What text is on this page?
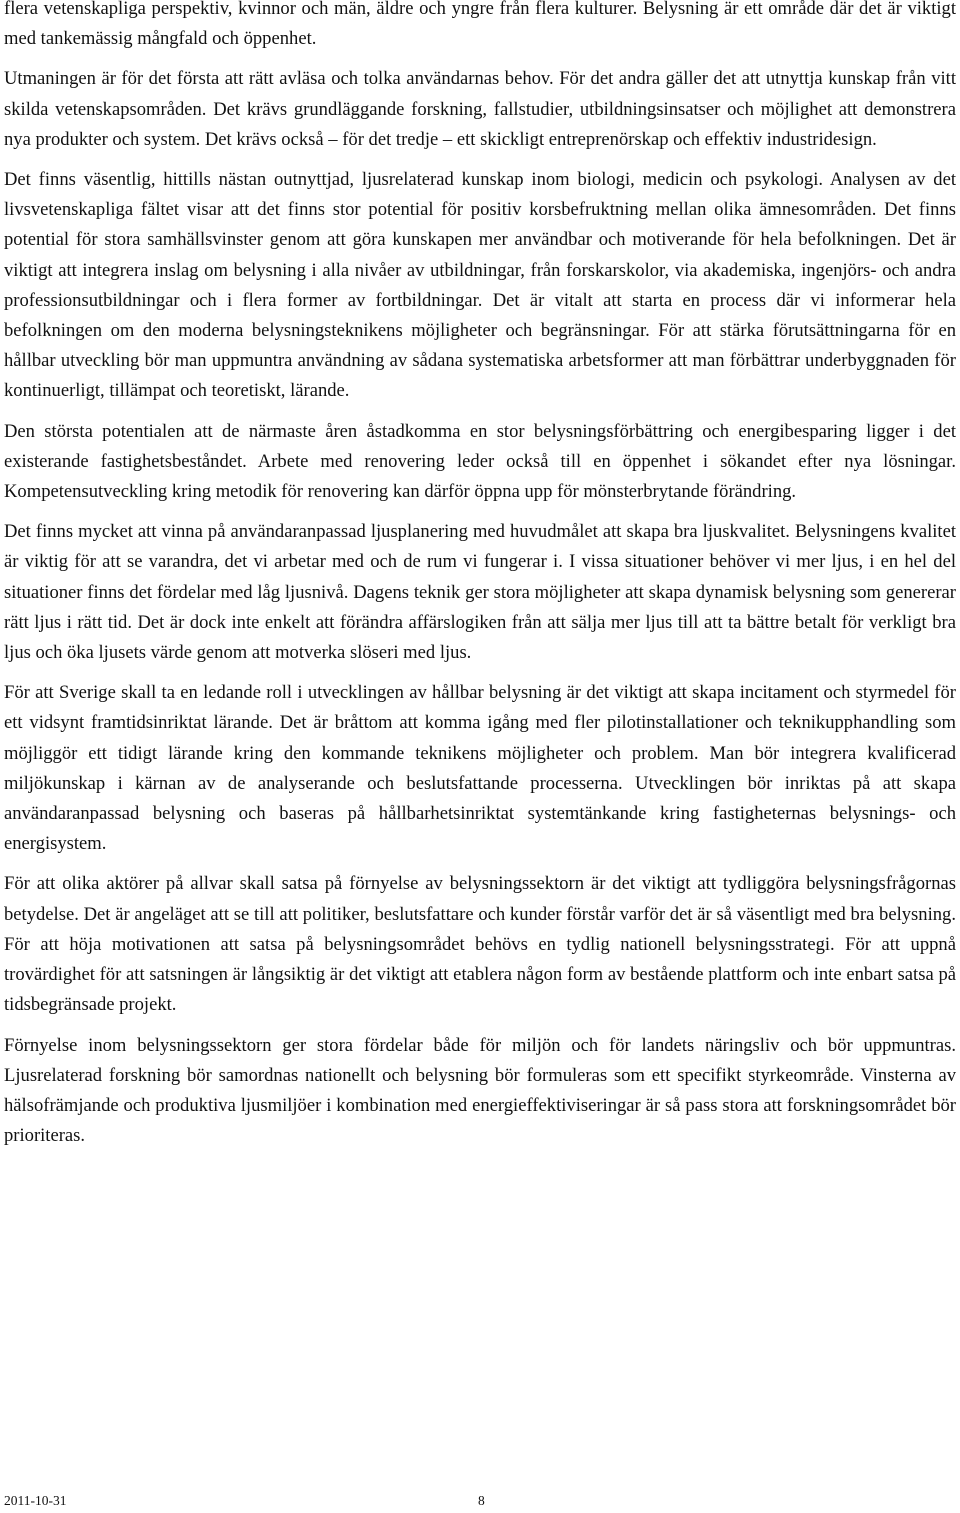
flera vetenskapliga perspektiv, kvinnor och män, äldre och yngre från flera kulturer. Belysning är ett område där det är viktigt med tankemässig mångfald och öppenhet.

Utmaningen är för det första att rätt avläsa och tolka användarnas behov. För det andra gäller det att utnyttja kunskap från vitt skilda vetenskapsområden. Det krävs grundläggande forskning, fallstudier, utbildningsinsatser och möjlighet att demonstrera nya produkter och system. Det krävs också – för det tredje – ett skickligt entreprenörskap och effektiv industridesign.

Det finns väsentlig, hittills nästan outnyttjad, ljusrelaterad kunskap inom biologi, medicin och psykologi. Analysen av det livsvetenskapliga fältet visar att det finns stor potential för positiv korsbefruktning mellan olika ämnesområden. Det finns potential för stora samhällsvinster genom att göra kunskapen mer användbar och motiverande för hela befolkningen. Det är viktigt att integrera inslag om belysning i alla nivåer av utbildningar, från forskarskolor, via akademiska, ingenjörs- och andra professionsutbildningar och i flera former av fortbildningar. Det är vitalt att starta en process där vi informerar hela befolkningen om den moderna belysningsteknikens möjligheter och begränsningar. För att stärka förutsättningarna för en hållbar utveckling bör man uppmuntra användning av sådana systematiska arbetsformer att man förbättrar underbyggnaden för kontinuerligt, tillämpat och teoretiskt, lärande.

Den största potentialen att de närmaste åren åstadkomma en stor belysningsförbättring och energibesparing ligger i det existerande fastighetsbeståndet. Arbete med renovering leder också till en öppenhet i sökandet efter nya lösningar. Kompetensutveckling kring metodik för renovering kan därför öppna upp för mönsterbrytande förändring.

Det finns mycket att vinna på användaranpassad ljusplanering med huvudmålet att skapa bra ljuskvalitet. Belysningens kvalitet är viktig för att se varandra, det vi arbetar med och de rum vi fungerar i. I vissa situationer behöver vi mer ljus, i en hel del situationer finns det fördelar med låg ljusnivå. Dagens teknik ger stora möjligheter att skapa dynamisk belysning som genererar rätt ljus i rätt tid. Det är dock inte enkelt att förändra affärslogiken från att sälja mer ljus till att ta bättre betalt för verkligt bra ljus och öka ljusets värde genom att motverka slöseri med ljus.

För att Sverige skall ta en ledande roll i utvecklingen av hållbar belysning är det viktigt att skapa incitament och styrmedel för ett vidsynt framtidsinriktat lärande. Det är bråttom att komma igång med fler pilotinstallationer och teknikupphandling som möjliggör ett tidigt lärande kring den kommande teknikens möjligheter och problem. Man bör integrera kvalificerad miljökunskap i kärnan av de analyserande och beslutsfattande processerna. Utvecklingen bör inriktas på att skapa användaranpassad belysning och baseras på hållbarhetsinriktat systemtänkande kring fastigheternas belysnings- och energisystem.

För att olika aktörer på allvar skall satsa på förnyelse av belysningssektorn är det viktigt att tydliggöra belysningsfrågornas betydelse. Det är angeläget att se till att politiker, beslutsfattare och kunder förstår varför det är så väsentligt med bra belysning. För att höja motivationen att satsa på belysningsområdet behövs en tydlig nationell belysningsstrategi. För att uppnå trovärdighet för att satsningen är långsiktig är det viktigt att etablera någon form av bestående plattform och inte enbart satsa på tidsbegränsade projekt.

Förnyelse inom belysningssektorn ger stora fördelar både för miljön och för landets näringsliv och bör uppmuntras. Ljusrelaterad forskning bör samordnas nationellt och belysning bör formuleras som ett specifikt styrkeområde. Vinsterna av hälsofrämjande och produktiva ljusmiljöer i kombination med energieffektiviseringar är så pass stora att forskningsområdet bör prioriteras.

2011-10-31	8
